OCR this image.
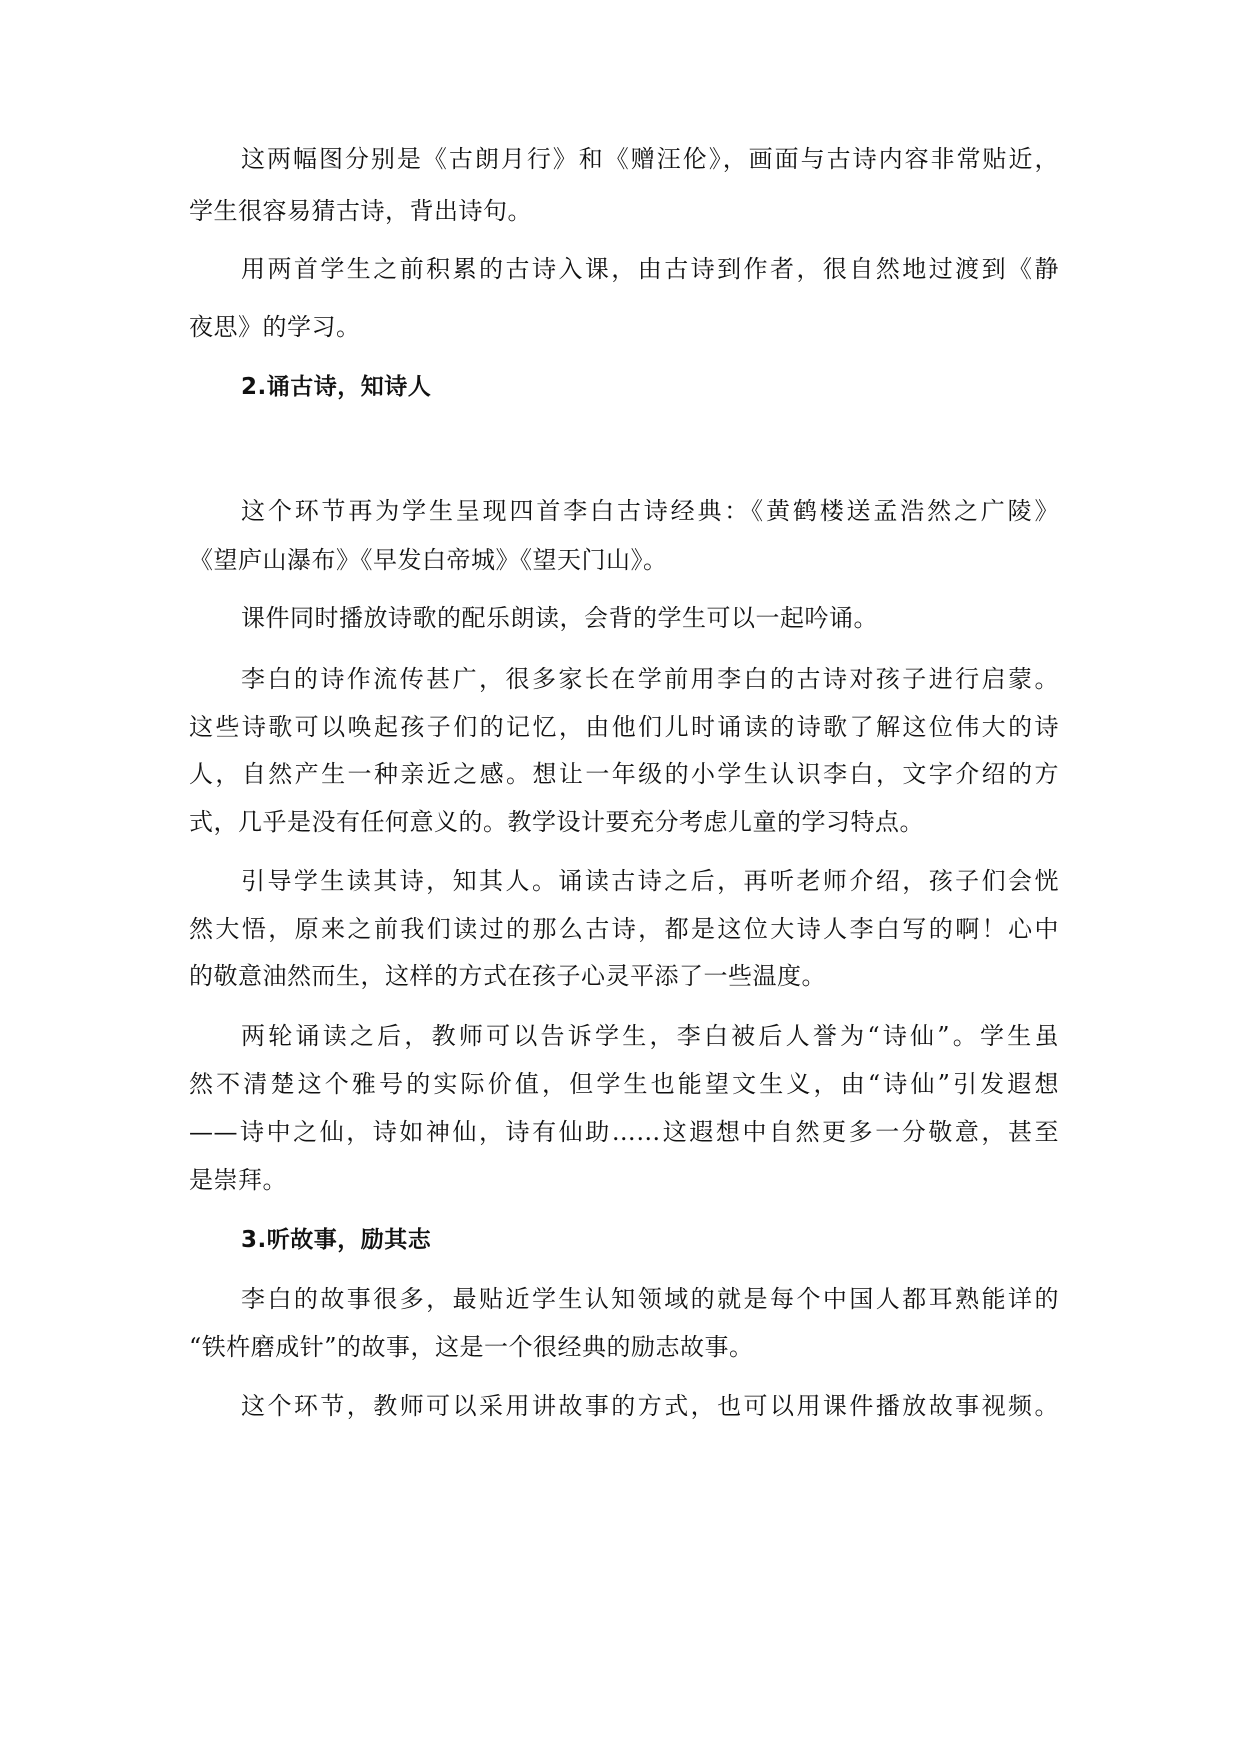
这两幅图分别是《古朗月行》和《赠汪伦》，画面与古诗内容非常贴近，
学生很容易猜古诗，背出诗句。
用两首学生之前积累的古诗入课，由古诗到作者，很自然地过渡到《静
夜思》的学习。
2.诵古诗，知诗人
这个环节再为学生呈现四首李白古诗经典：《黄鹤楼送孟浩然之广陵》
《望庐山瀑布》《早发白帝城》《望天门山》。
课件同时播放诗歌的配乐朗读，会背的学生可以一起吟诵。
李白的诗作流传甚广，很多家长在学前用李白的古诗对孩子进行启蒙。
这些诗歌可以唤起孩子们的记忆，由他们儿时诵读的诗歌了解这位伟大的诗
人，自然产生一种亲近之感。想让一年级的小学生认识李白，文字介绍的方
式，几乎是没有任何意义的。教学设计要充分考虑儿童的学习特点。
引导学生读其诗，知其人。诵读古诗之后，再听老师介绍，孩子们会恍
然大悟，原来之前我们读过的那么古诗，都是这位大诗人李白写的啊！心中
的敬意油然而生，这样的方式在孩子心灵平添了一些温度。
两轮诵读之后，教师可以告诉学生，李白被后人誉为“诗仙”。学生虽
然不清楚这个雅号的实际价值，但学生也能望文生义，由“诗仙”引发遐想
——诗中之仙，诗如神仙，诗有仙助……这遐想中自然更多一分敬意，甚至
是崇拜。
3.听故事，励其志
李白的故事很多，最贴近学生认知领域的就是每个中国人都耳熟能详的
“铁杵磨成针”的故事，这是一个很经典的励志故事。
这个环节，教师可以采用讲故事的方式，也可以用课件播放故事视频。
